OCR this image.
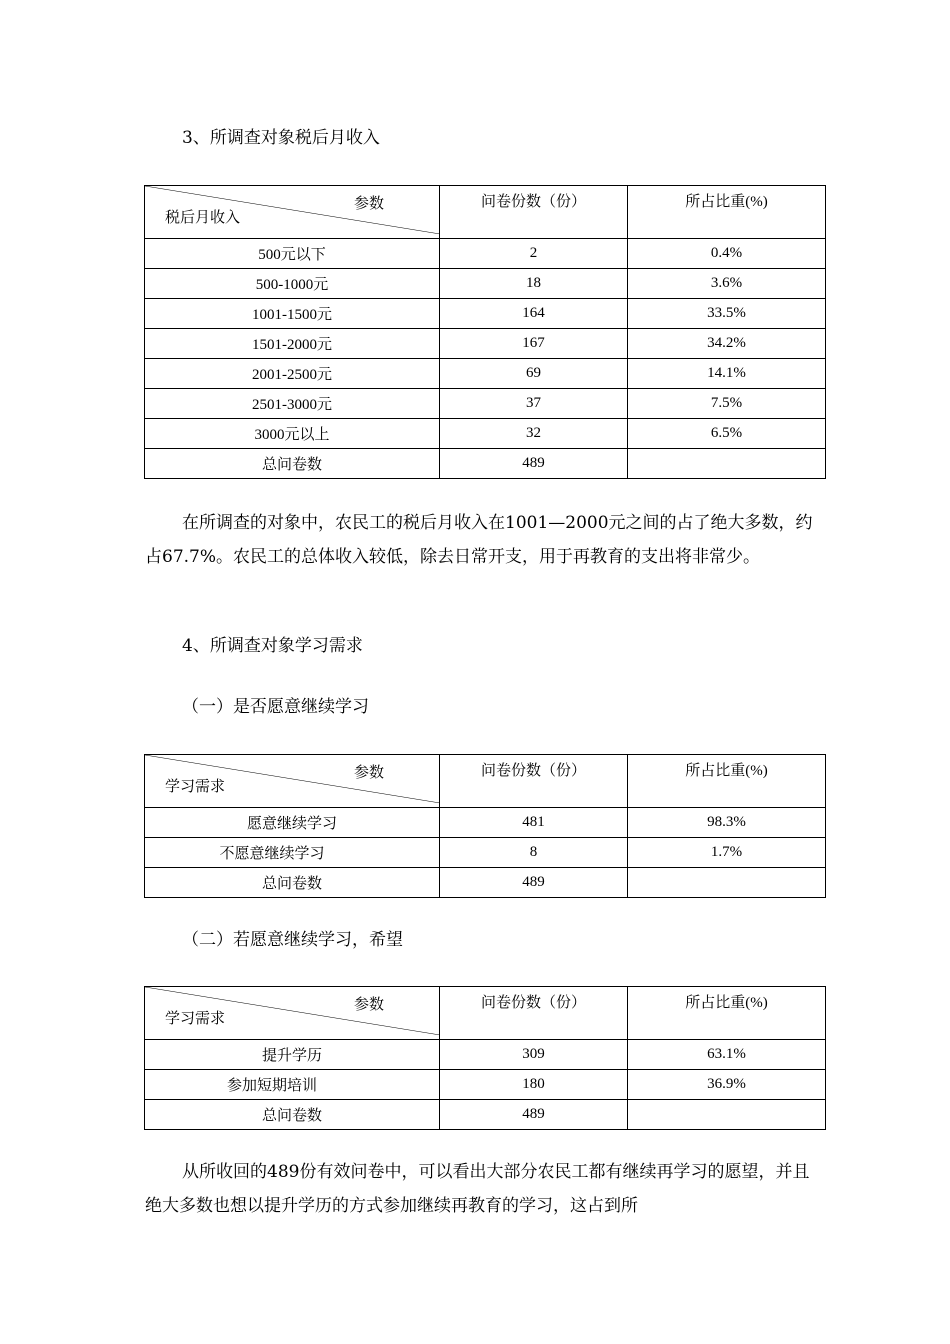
3、所调查对象税后月收入
参数
税后月收入	问卷份数（份）	所占比重(%)
500元以下	2	0.4%
500-1000元	18	3.6%
1001-1500元	164	33.5%
1501-2000元	167	34.2%
2001-2500元	69	14.1%
2501-3000元	37	7.5%
3000元以上	32	6.5%
总问卷数	489	

在所调查的对象中，农民工的税后月收入在1001—2000元之间的占了绝大多数，约占67.7%。农民工的总体收入较低，除去日常开支，用于再教育的支出将非常少。

4、所调查对象学习需求
（一）是否愿意继续学习
参数
学习需求	问卷份数（份）	所占比重(%)
愿意继续学习	481	98.3%
不愿意继续学习	8	1.7%
总问卷数	489	
（二）若愿意继续学习，希望
参数
学习需求	问卷份数（份）	所占比重(%)
提升学历	309	63.1%
参加短期培训	180	36.9%
总问卷数	489	

从所收回的489份有效问卷中，可以看出大部分农民工都有继续再学习的愿望，并且绝大多数也想以提升学历的方式参加继续再教育的学习，这占到所
